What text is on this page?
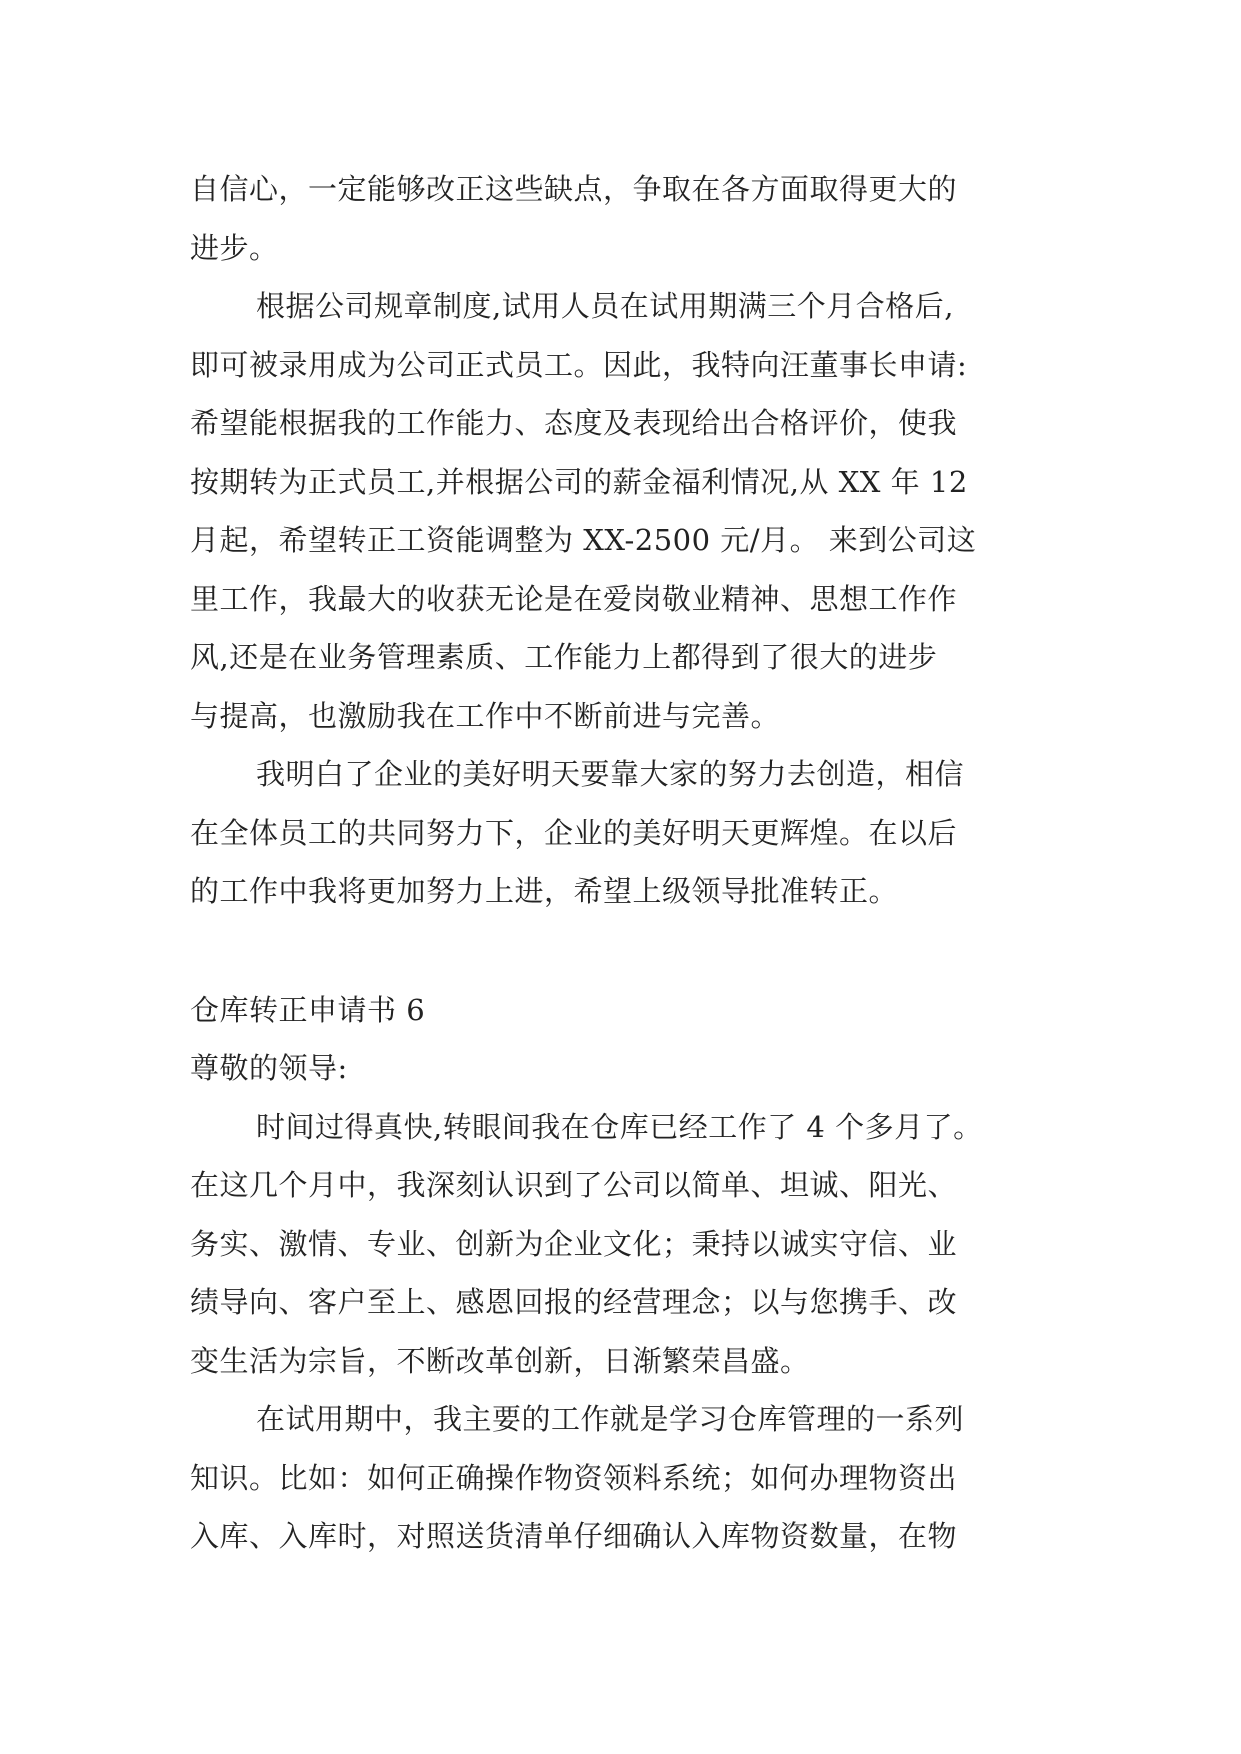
自信心，一定能够改正这些缺点，争取在各方面取得更大的
进步。
根据公司规章制度,试用人员在试用期满三个月合格后,
即可被录用成为公司正式员工。因此，我特向汪董事长申请:
希望能根据我的工作能力、态度及表现给出合格评价，使我
按期转为正式员工,并根据公司的薪金福利情况,从 XX 年 12
月起，希望转正工资能调整为 XX-2500 元/月。 来到公司这
里工作，我最大的收获无论是在爱岗敬业精神、思想工作作
风,还是在业务管理素质、工作能力上都得到了很大的进步
与提高，也激励我在工作中不断前进与完善。
我明白了企业的美好明天要靠大家的努力去创造，相信
在全体员工的共同努力下，企业的美好明天更辉煌。在以后
的工作中我将更加努力上进，希望上级领导批准转正。
仓库转正申请书 6
尊敬的领导:
时间过得真快,转眼间我在仓库已经工作了 4 个多月了。
在这几个月中，我深刻认识到了公司以简单、坦诚、阳光、
务实、激情、专业、创新为企业文化；秉持以诚实守信、业
绩导向、客户至上、感恩回报的经营理念；以与您携手、改
变生活为宗旨，不断改革创新，日渐繁荣昌盛。
在试用期中，我主要的工作就是学习仓库管理的一系列
知识。比如：如何正确操作物资领料系统；如何办理物资出
入库、入库时，对照送货清单仔细确认入库物资数量，在物
